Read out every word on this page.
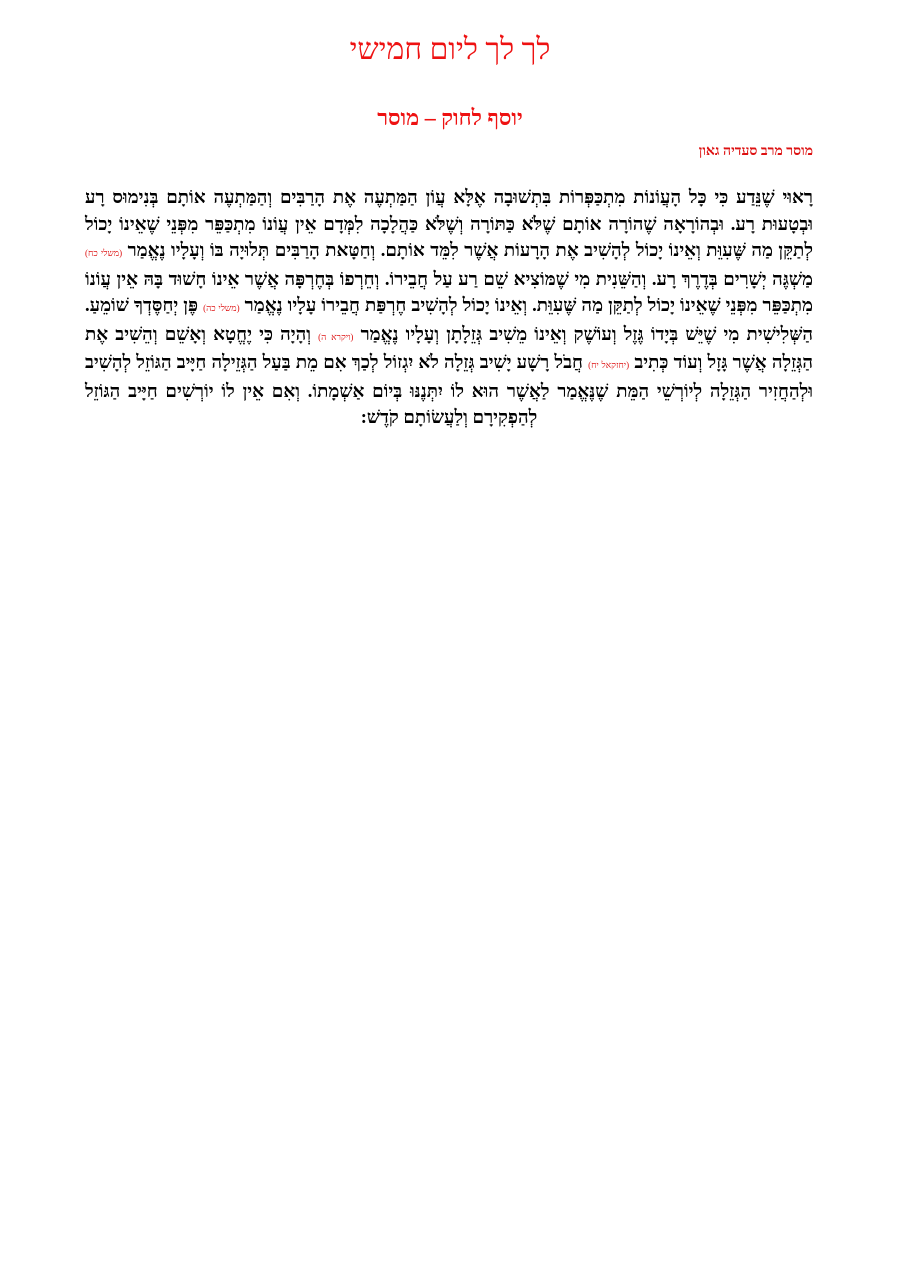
לך לך ליום חמישי
יוסף לחוק – מוסר
מוסר מרב סעדיה גאון

רָאוּי שֶׁנֵּדַע כִּי כָּל הָעֲוֹנוֹת מִתְכַּפְּרוֹת בִּתְשׁוּבָה אֶלָּא עֲוֹן הַמַּתְעֶה אֶת הָרַבִּים וְהַמַּתְעֶה אוֹתָם בְּנִימוּס רָע וּבְטָעוּת רָע. וּבְהוֹרָאָה שֶׁהוֹרָה אוֹתָם שֶׁלֹּא כַּתּוֹרָה וְשֶׁלֹּא כַּהֲלָכָה לִמְּדָם אֵין עֲוֹנוֹ מִתְכַּפֵּר מִפְּנֵי שֶׁאֵינוֹ יָכוֹל לְתַקֵּן מַה שֶּׁעִוֵּת וְאֵינוֹ יָכוֹל לְהָשִׁיב אֶת הָרָעוֹת אֲשֶׁר לִמֵּד אוֹתָם. וְחַטָּאת הָרַבִּים תְּלוּיָה בּוֹ וְעָלָיו נֶאֱמַר (משלי כח) מַשְׁגֶּה יְשָׁרִים בְּדֶרֶךְ רָע. וְהַשֵּׁנִית מִי שֶׁמּוֹצִיא שֵׁם רַע עַל חֲבֵירוֹ. וְחֵרְפוֹ בְּחֶרְפָּה אֲשֶׁר אֵינוֹ חָשׁוּד בָּהּ אֵין עֲוֹנוֹ מִתְכַּפֵּר מִפְּנֵי שֶׁאֵינוֹ יָכוֹל לְתַקֵּן מַה שֶּׁעִוֵּת. וְאֵינוֹ יָכוֹל לְהָשִׁיב חֶרְפַּת חֲבֵירוֹ עָלָיו נֶאֱמַר (משלי כה) פֶּן יְחַסֶּדְךָ שׁוֹמֵעַ. הַשְּׁלִישִׁית מִי שֶׁיֵּשׁ בְּיָדוֹ גֶּזֶל וְעוֹשֶׁק וְאֵינוֹ מֵשִׁיב גְּזֵלָתָן וְעָלָיו נֶאֱמַר (ויקרא ה) וְהָיָה כִּי יֶחֱטָא וְאָשֵׁם וְהֵשִׁיב אֶת הַגְּזֵלָה אֲשֶׁר גָּזָל וְעוֹד כְּתִיב (יחזקאל יח) חֲבֹל רָשָׁע יָשִׁיב גְּזֵלָה לֹא יִגְזוֹל לְכַךְ אִם מֵת בַּעַל הַגְּזֵילָה חַיָּיב הַגּוֹזֵל לְהָשִׁיב וּלְהַחֲזִיר הַגְּזֵלָה לְיוֹרְשֵׁי הַמֵּת שֶׁנֶּאֱמַר לַאֲשֶׁר הוּא לוֹ יִתְּנֶנּוּ בְּיוֹם אַשְׁמָתוֹ. וְאִם אֵין לוֹ יוֹרְשִׁים חַיָּיב הַגּוֹזֵל לְהַפְקִירָם וְלַעֲשׂוֹתָם קֹדֶשׁ:
